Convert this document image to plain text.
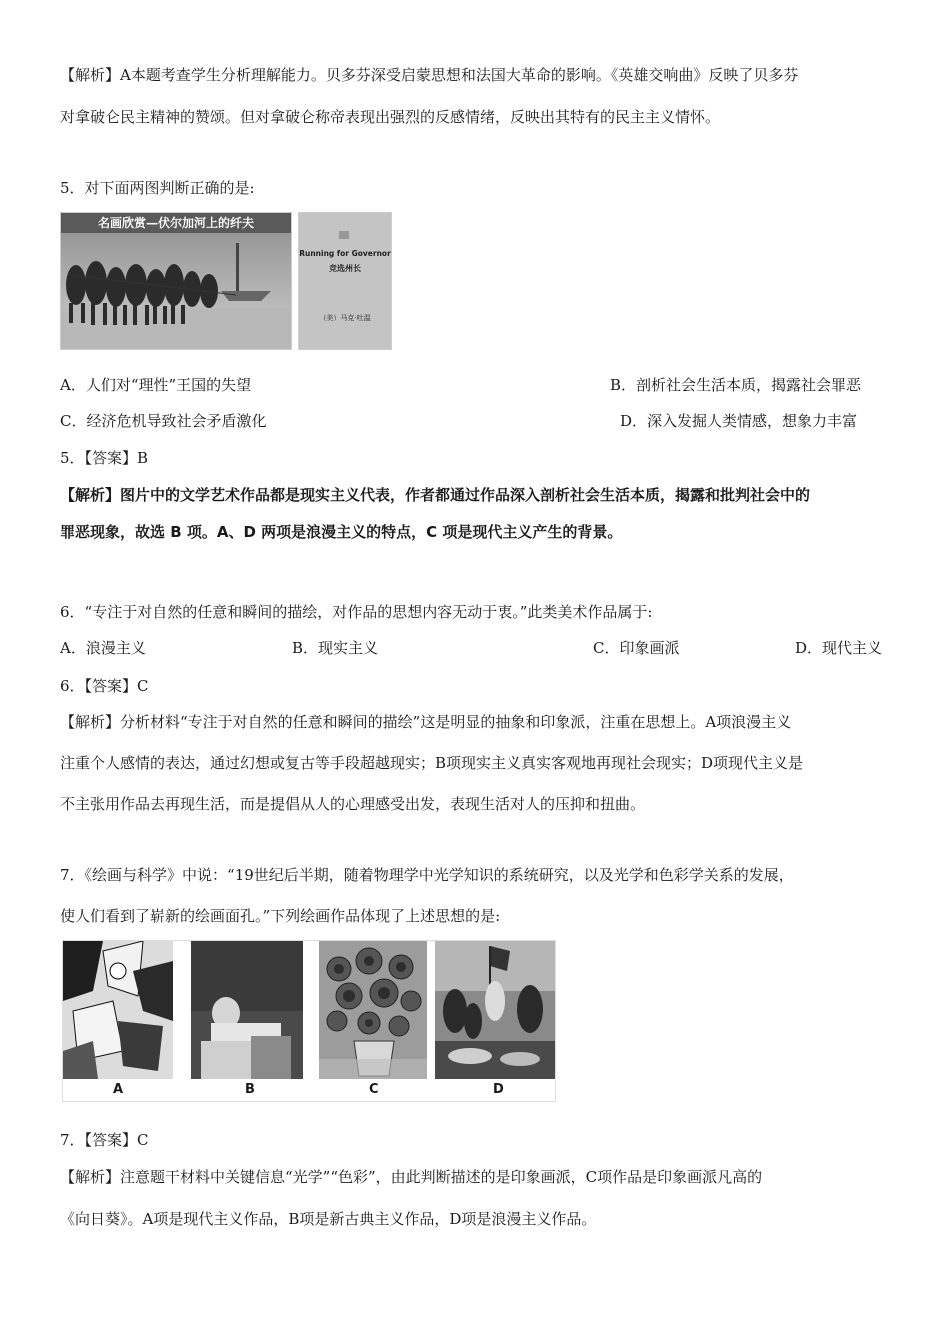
【解析】A本题考查学生分析理解能力。贝多芬深受启蒙思想和法国大革命的影响。《英雄交响曲》反映了贝多芬
对拿破仑民主精神的赞颂。但对拿破仑称帝表现出强烈的反感情绪，反映出其特有的民主主义情怀。
5．对下面两图判断正确的是:
名画欣赏—伏尔加河上的纤夫
Running for Governor
竞选州长
（美）马克·吐温
A．人们对“理性”王国的失望	B．剖析社会生活本质，揭露社会罪恶
C．经济危机导致社会矛盾激化	D．深入发掘人类情感，想象力丰富
5．【答案】B
【解析】图片中的文学艺术作品都是现实主义代表，作者都通过作品深入剖析社会生活本质，揭露和批判社会中的
罪恶现象，故选 B 项。A、D 两项是浪漫主义的特点，C 项是现代主义产生的背景。
6．“专注于对自然的任意和瞬间的描绘，对作品的思想内容无动于衷。”此类美术作品属于:
A．浪漫主义	B．现实主义	C．印象画派	D．现代主义
6．【答案】C
【解析】分析材料“专注于对自然的任意和瞬间的描绘”这是明显的抽象和印象派，注重在思想上。A项浪漫主义
注重个人感情的表达，通过幻想或复古等手段超越现实；B项现实主义真实客观地再现社会现实；D项现代主义是
不主张用作品去再现生活，而是提倡从人的心理感受出发，表现生活对人的压抑和扭曲。
7．《绘画与科学》中说：“19世纪后半期，随着物理学中光学知识的系统研究，以及光学和色彩学关系的发展，
使人们看到了崭新的绘画面孔。”下列绘画作品体现了上述思想的是:
A	B	C	D
7．【答案】C
【解析】注意题干材料中关键信息“光学”“色彩”，由此判断描述的是印象画派，C项作品是印象画派凡高的
《向日葵》。A项是现代主义作品，B项是新古典主义作品，D项是浪漫主义作品。
